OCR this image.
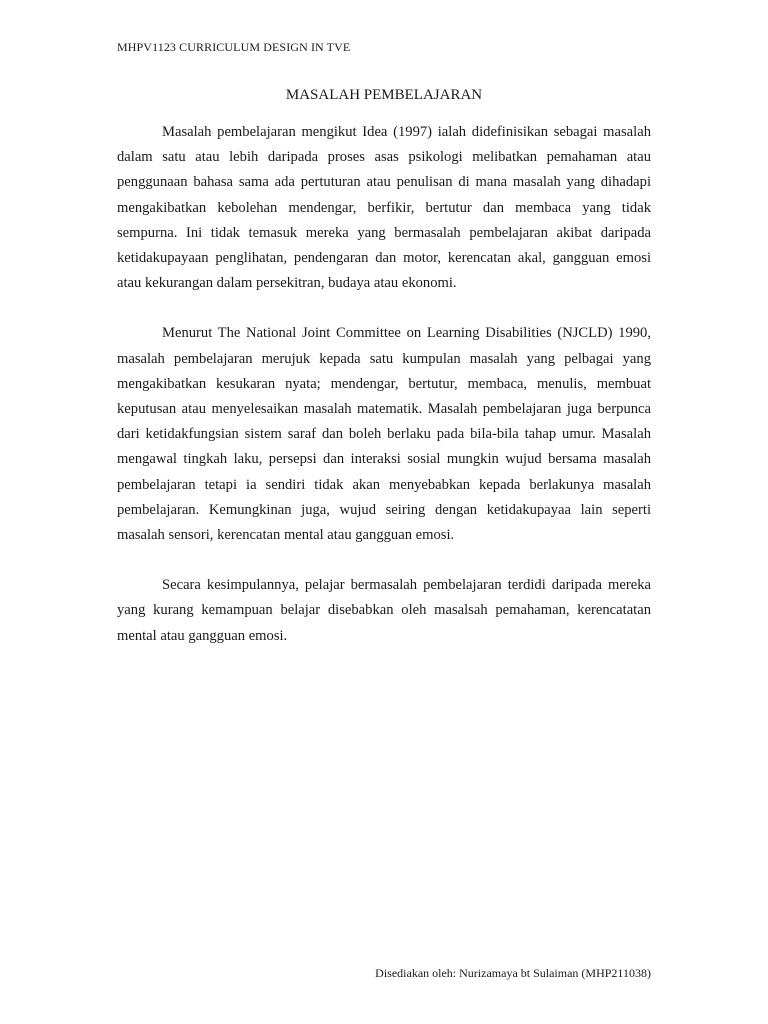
MHPV1123 CURRICULUM DESIGN IN TVE
MASALAH PEMBELAJARAN

Masalah pembelajaran mengikut Idea (1997) ialah didefinisikan sebagai masalah dalam satu atau lebih daripada proses asas psikologi melibatkan pemahaman atau penggunaan bahasa sama ada pertuturan atau penulisan di mana masalah yang dihadapi mengakibatkan kebolehan mendengar, berfikir, bertutur dan membaca yang tidak sempurna. Ini tidak temasuk mereka yang bermasalah pembelajaran akibat daripada ketidakupayaan penglihatan, pendengaran dan motor, kerencatan akal, gangguan emosi atau kekurangan dalam persekitran, budaya atau ekonomi.

Menurut The National Joint Committee on Learning Disabilities (NJCLD) 1990, masalah pembelajaran merujuk kepada satu kumpulan masalah yang pelbagai yang mengakibatkan kesukaran nyata; mendengar, bertutur, membaca, menulis, membuat keputusan atau menyelesaikan masalah matematik. Masalah pembelajaran juga berpunca dari ketidakfungsian sistem saraf dan boleh berlaku pada bila-bila tahap umur. Masalah mengawal tingkah laku, persepsi dan interaksi sosial mungkin wujud bersama masalah pembelajaran tetapi ia sendiri tidak akan menyebabkan kepada berlakunya masalah pembelajaran. Kemungkinan juga, wujud seiring dengan ketidakupayaa lain seperti masalah sensori, kerencatan mental atau gangguan emosi.

Secara kesimpulannya, pelajar bermasalah pembelajaran terdidi daripada mereka yang kurang kemampuan belajar disebabkan oleh masalsah pemahaman, kerencatatan mental atau gangguan emosi.

Disediakan oleh: Nurizamaya bt Sulaiman (MHP211038)
